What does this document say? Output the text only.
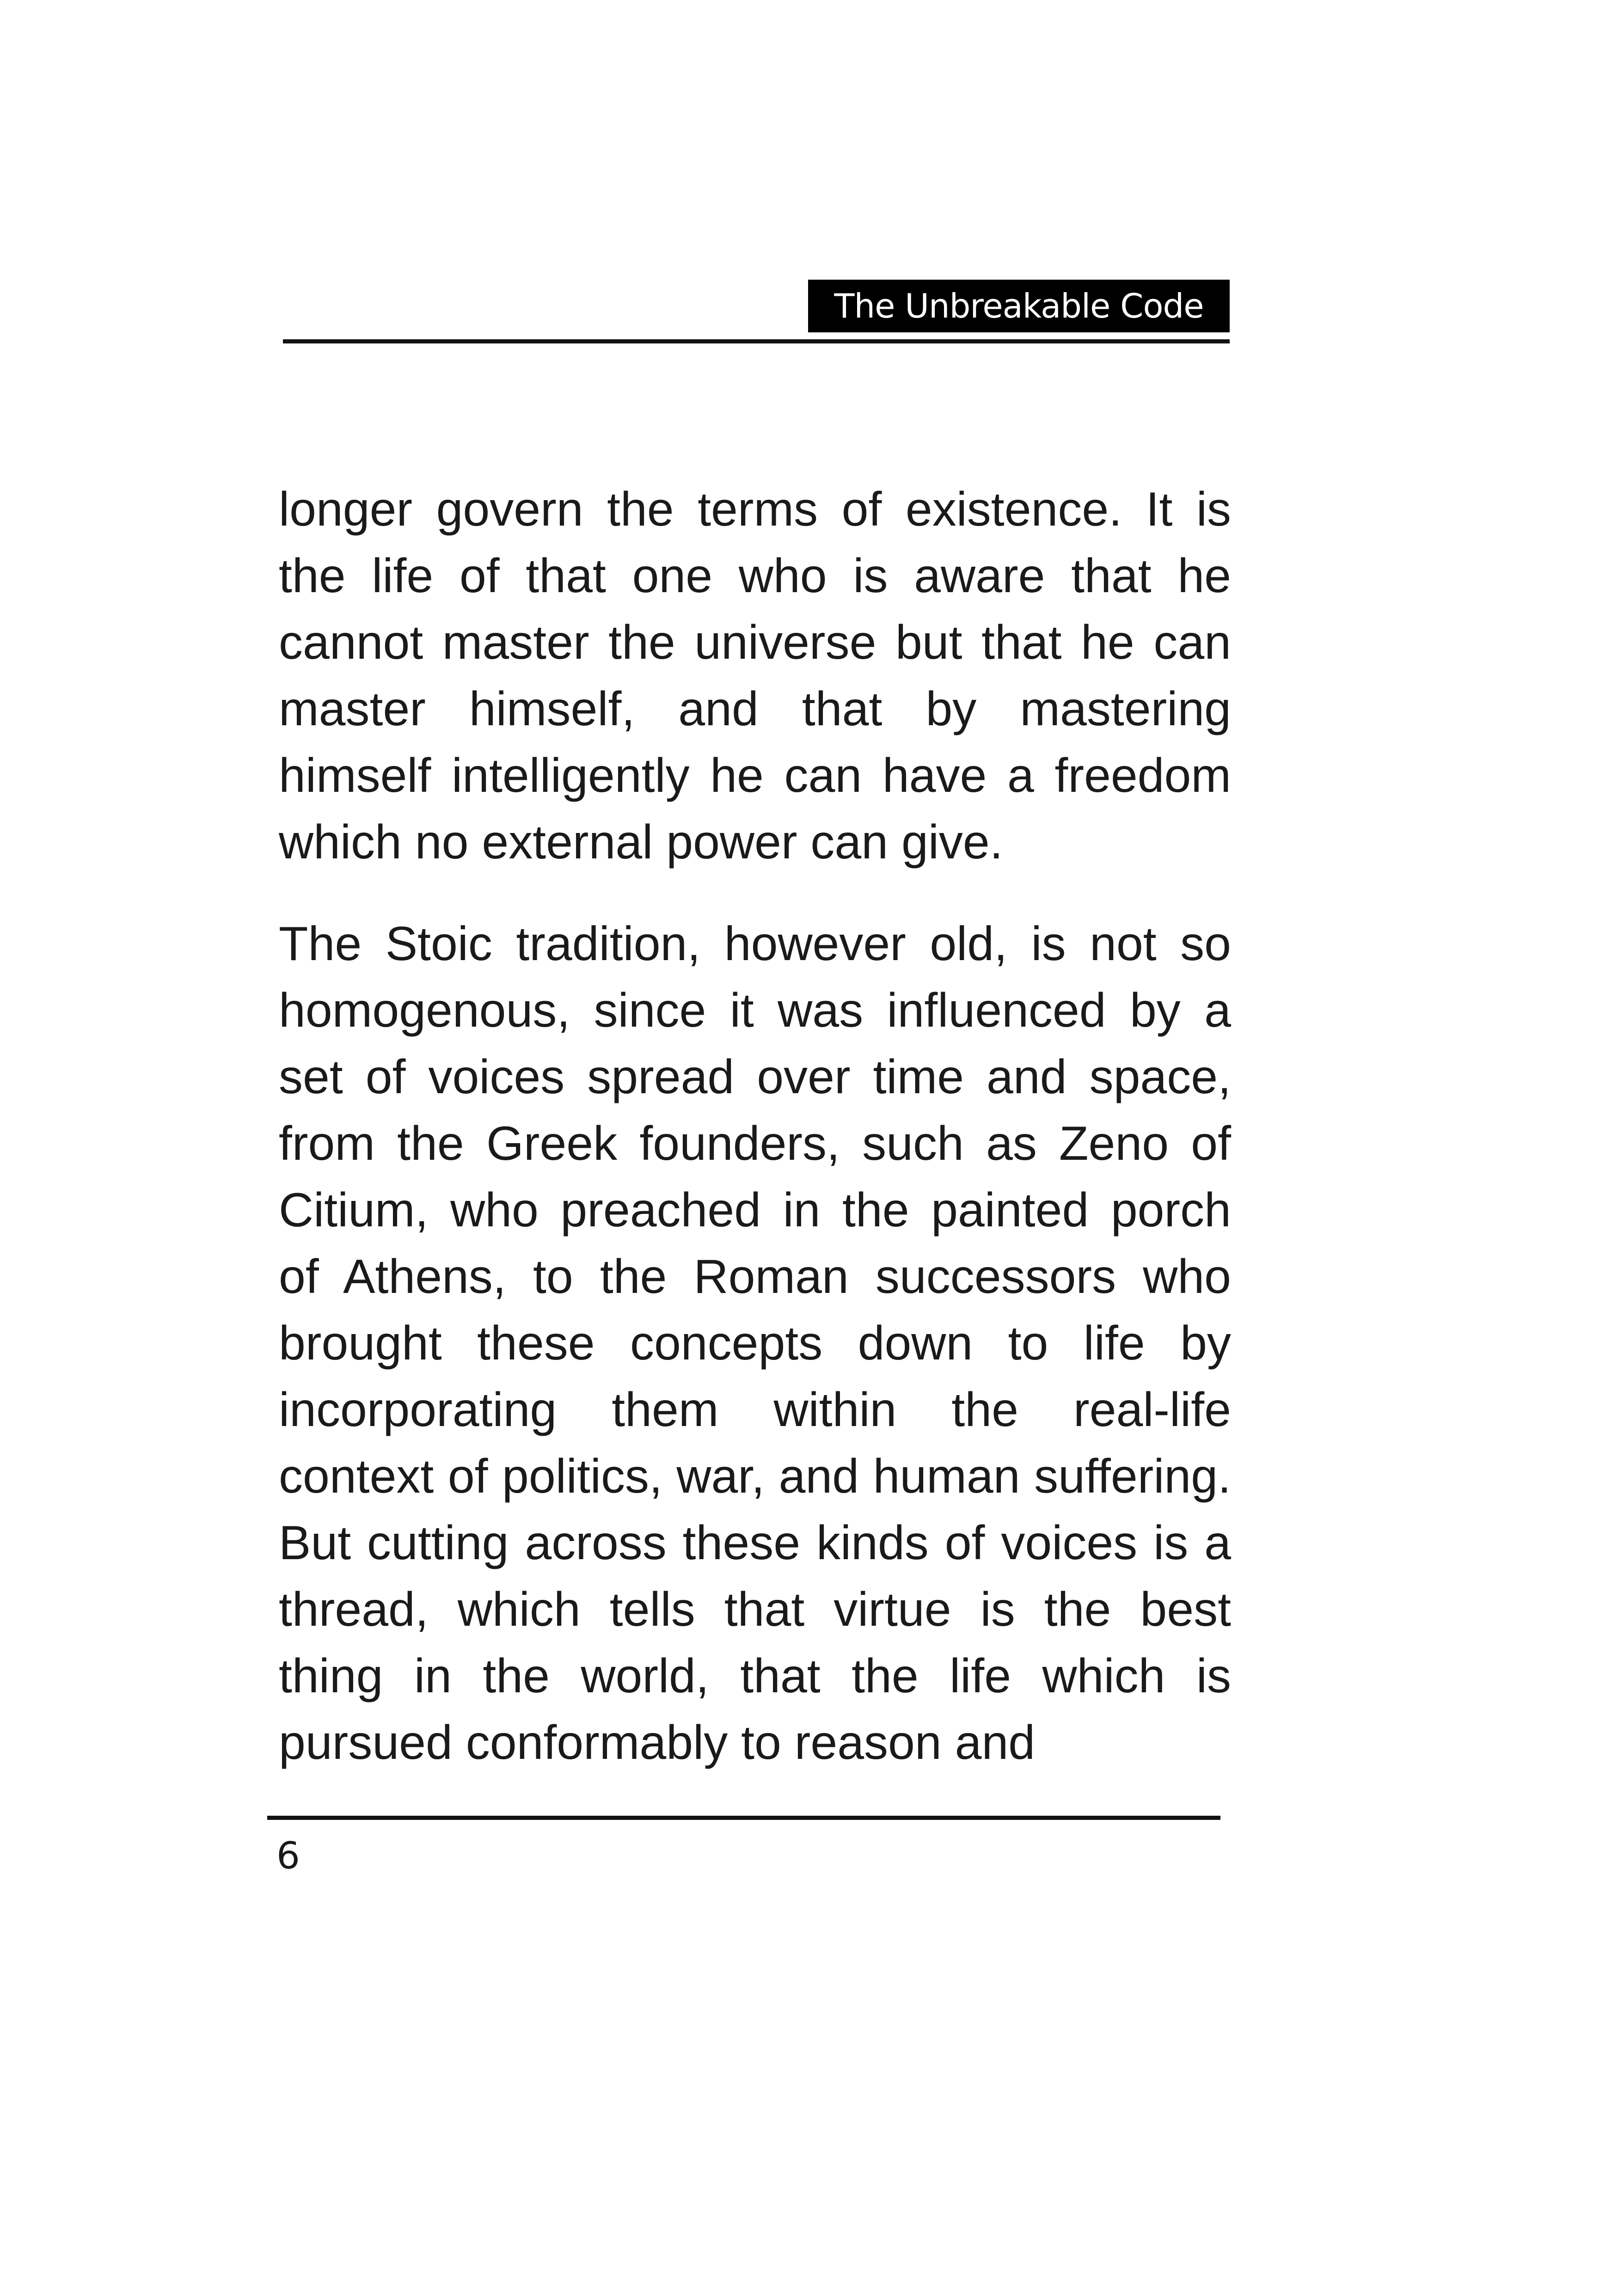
The Unbreakable Code

longer govern the terms of existence. It is the life of that one who is aware that he cannot master the universe but that he can master himself, and that by mastering himself intelligently he can have a freedom which no external power can give.

The Stoic tradition, however old, is not so homogenous, since it was influenced by a set of voices spread over time and space, from the Greek founders, such as Zeno of Citium, who preached in the painted porch of Athens, to the Roman successors who brought these concepts down to life by incorporating them within the real-life context of politics, war, and human suffering. But cutting across these kinds of voices is a thread, which tells that virtue is the best thing in the world, that the life which is pursued conformably to reason and

6
